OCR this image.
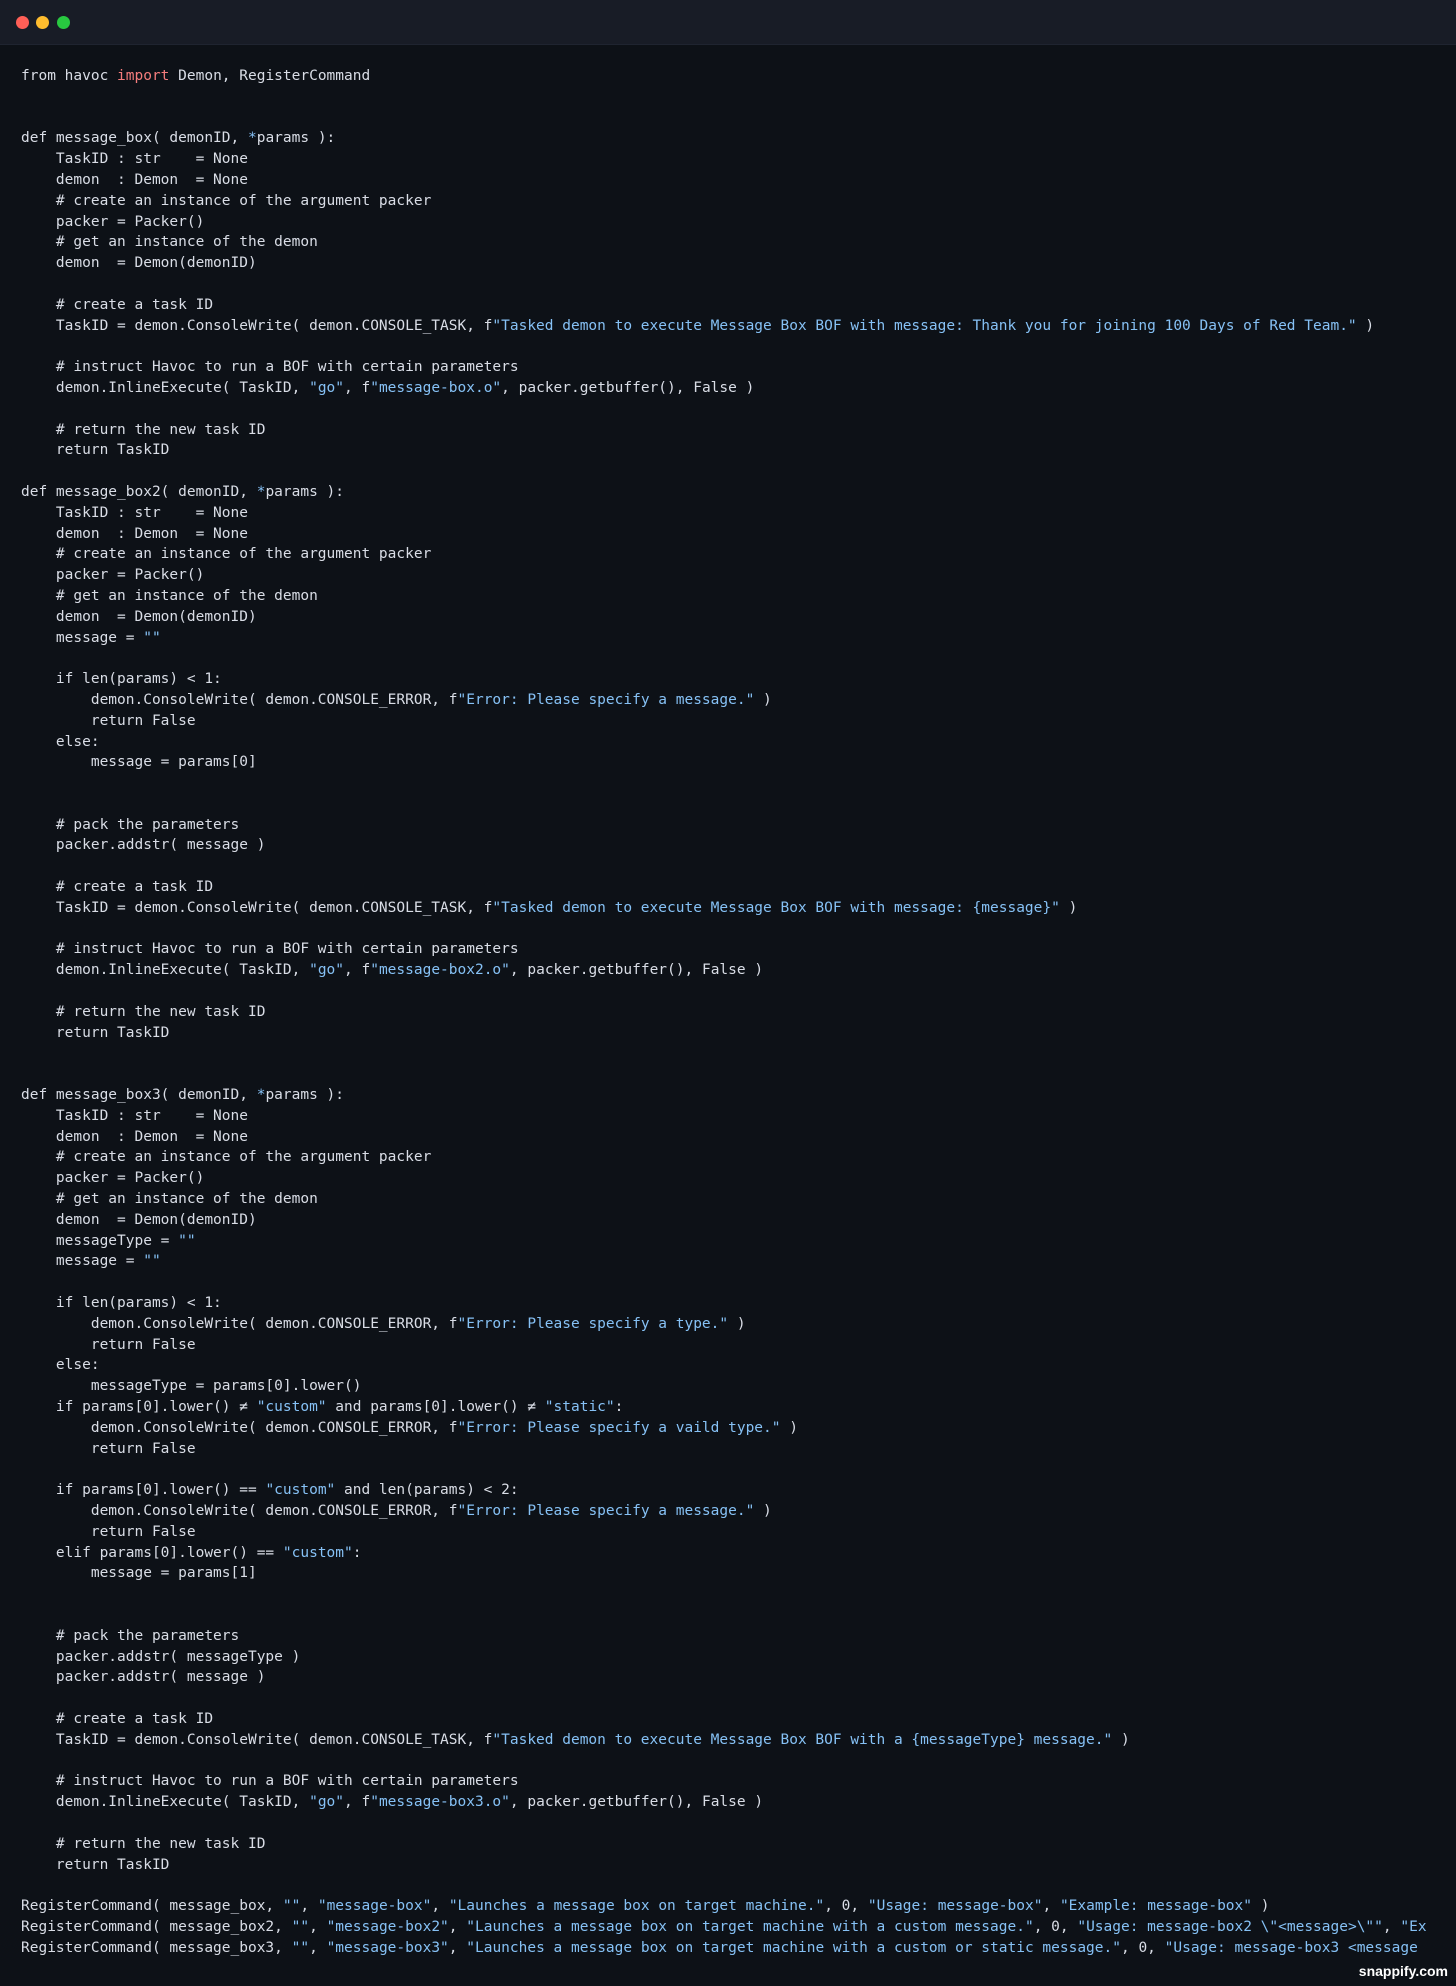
from havoc import Demon, RegisterCommand

def message_box( demonID, *params ):
TaskID : str    = None
demon  : Demon  = None
# create an instance of the argument packer
packer = Packer()
# get an instance of the demon
demon  = Demon(demonID)

# create a task ID
TaskID = demon.ConsoleWrite( demon.CONSOLE_TASK, f"Tasked demon to execute Message Box BOF with message: Thank you for joining 100 Days of Red Team." )

# instruct Havoc to run a BOF with certain parameters
demon.InlineExecute( TaskID, "go", f"message-box.o", packer.getbuffer(), False )

# return the new task ID
return TaskID

def message_box2( demonID, *params ):
TaskID : str    = None
demon  : Demon  = None
# create an instance of the argument packer
packer = Packer()
# get an instance of the demon
demon  = Demon(demonID)
message = ""

if len(params) < 1:
demon.ConsoleWrite( demon.CONSOLE_ERROR, f"Error: Please specify a message." )
return False
else:
message = params[0]

# pack the parameters
packer.addstr( message )

# create a task ID
TaskID = demon.ConsoleWrite( demon.CONSOLE_TASK, f"Tasked demon to execute Message Box BOF with message: {message}" )

# instruct Havoc to run a BOF with certain parameters
demon.InlineExecute( TaskID, "go", f"message-box2.o", packer.getbuffer(), False )

# return the new task ID
return TaskID

def message_box3( demonID, *params ):
TaskID : str    = None
demon  : Demon  = None
# create an instance of the argument packer
packer = Packer()
# get an instance of the demon
demon  = Demon(demonID)
messageType = ""
message = ""

if len(params) < 1:
demon.ConsoleWrite( demon.CONSOLE_ERROR, f"Error: Please specify a type." )
return False
else:
messageType = params[0].lower()
if params[0].lower() ≠ "custom" and params[0].lower() ≠ "static":
demon.ConsoleWrite( demon.CONSOLE_ERROR, f"Error: Please specify a vaild type." )
return False

if params[0].lower() == "custom" and len(params) < 2:
demon.ConsoleWrite( demon.CONSOLE_ERROR, f"Error: Please specify a message." )
return False
elif params[0].lower() == "custom":
message = params[1]

# pack the parameters
packer.addstr( messageType )
packer.addstr( message )

# create a task ID
TaskID = demon.ConsoleWrite( demon.CONSOLE_TASK, f"Tasked demon to execute Message Box BOF with a {messageType} message." )

# instruct Havoc to run a BOF with certain parameters
demon.InlineExecute( TaskID, "go", f"message-box3.o", packer.getbuffer(), False )

# return the new task ID
return TaskID

RegisterCommand( message_box, "", "message-box", "Launches a message box on target machine.", 0, "Usage: message-box", "Example: message-box" )
RegisterCommand( message_box2, "", "message-box2", "Launches a message box on target machine with a custom message.", 0, "Usage: message-box2 \"<message>\"", "Ex
RegisterCommand( message_box3, "", "message-box3", "Launches a message box on target machine with a custom or static message.", 0, "Usage: message-box3 <message
snappify.com
